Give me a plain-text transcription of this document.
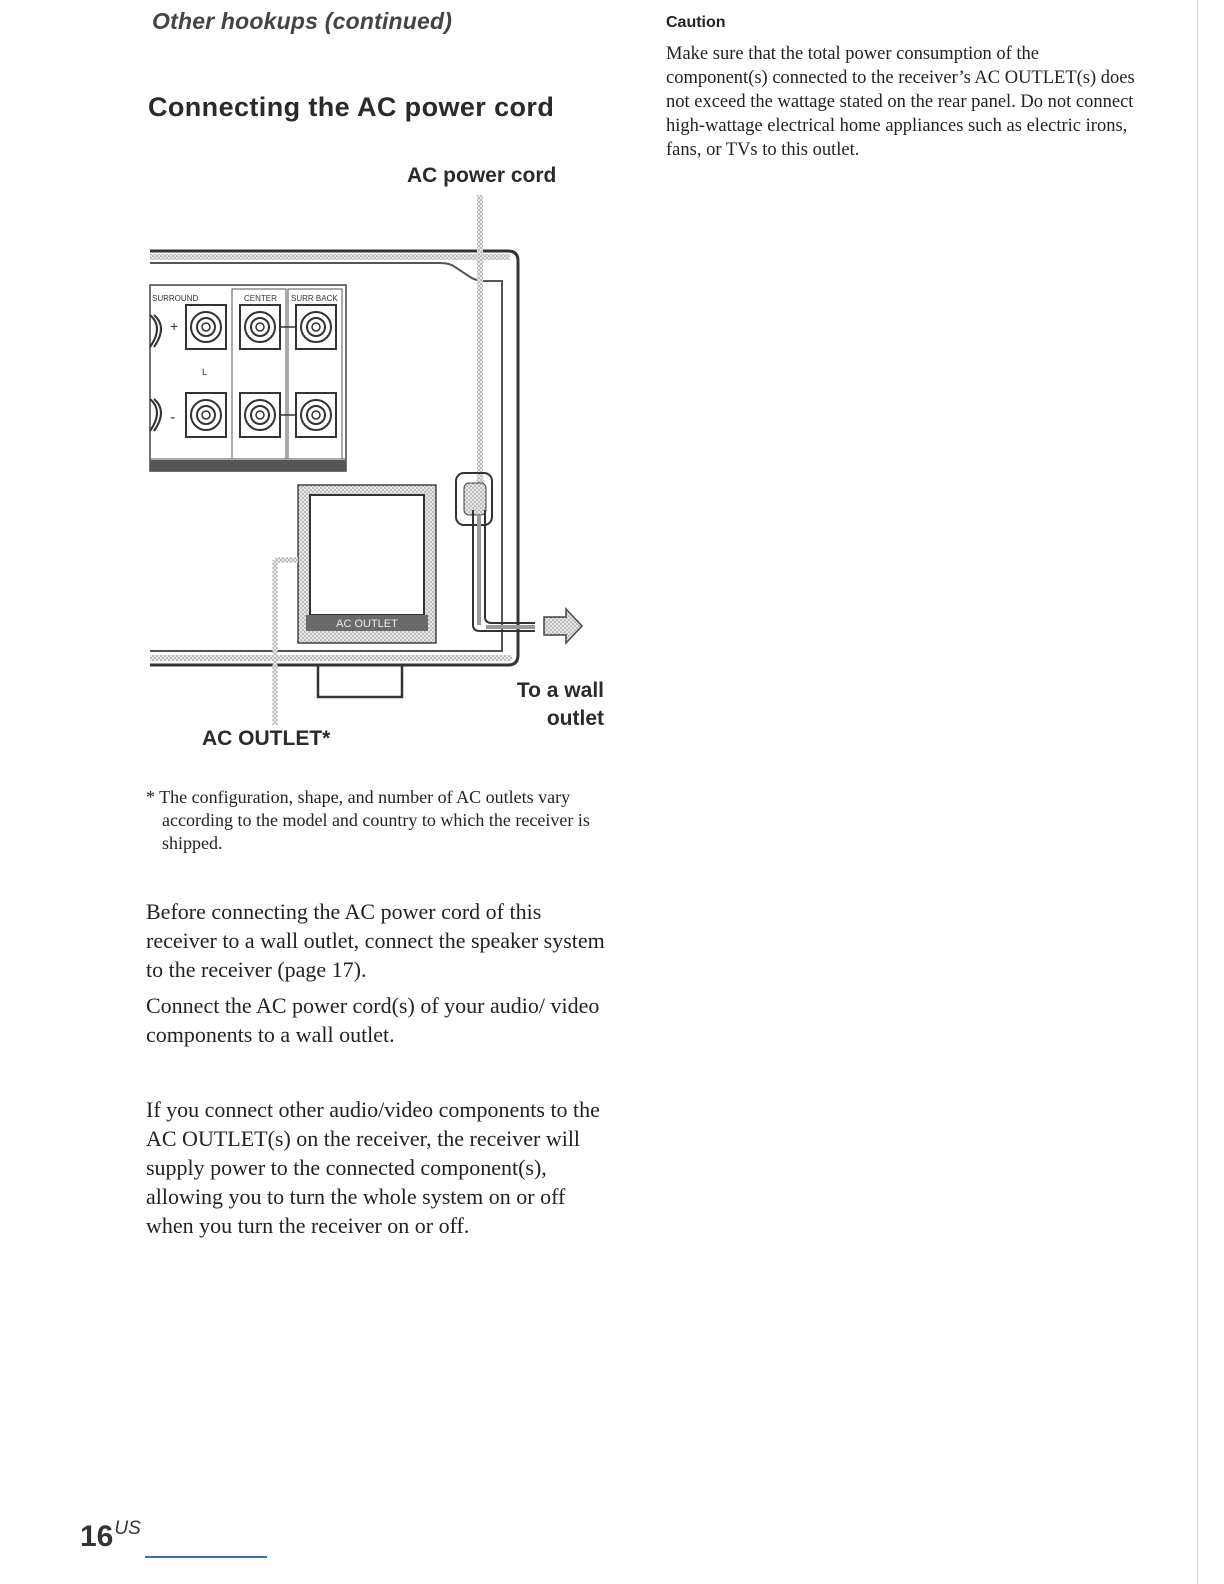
Other hookups (continued)
Connecting the AC power cord
AC power cord
SURROUND	CENTER SURR BACK
+
-
L
AC OUTLET
To a wall
outlet
AC OUTLET*
* The configuration, shape, and number of AC outlets vary according to the model and country to which the receiver is shipped.
Before connecting the AC power cord of this receiver to a wall outlet, connect the speaker system to the receiver (page 17).
Connect the AC power cord(s) of your audio/ video components to a wall outlet.
If you connect other audio/video components to the AC OUTLET(s) on the receiver, the receiver will supply power to the connected component(s), allowing you to turn the whole system on or off when you turn the receiver on or off.
Caution
Make sure that the total power consumption of the component(s) connected to the receiver’s AC OUTLET(s) does not exceed the wattage stated on the rear panel. Do not connect high-wattage electrical home appliances such as electric irons, fans, or TVs to this outlet.
$16^{US}$
